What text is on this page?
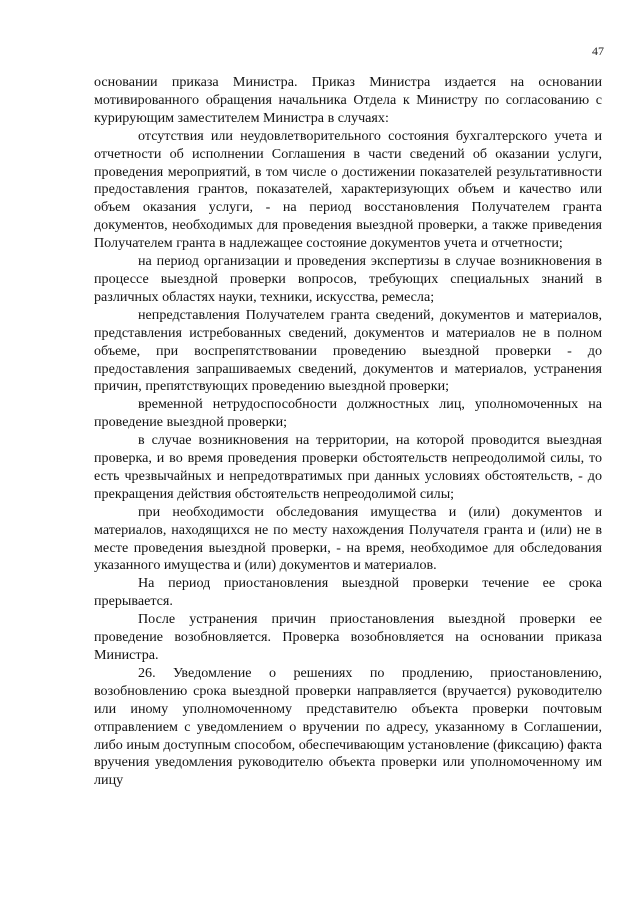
47

основании приказа Министра. Приказ Министра издается на основании мотивированного обращения начальника Отдела к Министру по согласованию с курирующим заместителем Министра в случаях:

отсутствия или неудовлетворительного состояния бухгалтерского учета и отчетности об исполнении Соглашения в части сведений об оказании услуги, проведения мероприятий, в том числе о достижении показателей результативности предоставления грантов, показателей, характеризующих объем и качество или объем оказания услуги, - на период восстановления Получателем гранта документов, необходимых для проведения выездной проверки, а также приведения Получателем гранта в надлежащее состояние документов учета и отчетности;

на период организации и проведения экспертизы в случае возникновения в процессе выездной проверки вопросов, требующих специальных знаний в различных областях науки, техники, искусства, ремесла;

непредставления Получателем гранта сведений, документов и материалов, представления истребованных сведений, документов и материалов не в полном объеме, при воспрепятствовании проведению выездной проверки - до предоставления запрашиваемых сведений, документов и материалов, устранения причин, препятствующих проведению выездной проверки;

временной нетрудоспособности должностных лиц, уполномоченных на проведение выездной проверки;

в случае возникновения на территории, на которой проводится выездная проверка, и во время проведения проверки обстоятельств непреодолимой силы, то есть чрезвычайных и непредотвратимых при данных условиях обстоятельств, - до прекращения действия обстоятельств непреодолимой силы;

при необходимости обследования имущества и (или) документов и материалов, находящихся не по месту нахождения Получателя гранта и (или) не в месте проведения выездной проверки, - на время, необходимое для обследования указанного имущества и (или) документов и материалов.

На период приостановления выездной проверки течение ее срока прерывается.

После устранения причин приостановления выездной проверки ее проведение возобновляется. Проверка возобновляется на основании приказа Министра.

26. Уведомление о решениях по продлению, приостановлению, возобновлению срока выездной проверки направляется (вручается) руководителю или иному уполномоченному представителю объекта проверки почтовым отправлением с уведомлением о вручении по адресу, указанному в Соглашении, либо иным доступным способом, обеспечивающим установление (фиксацию) факта вручения уведомления руководителю объекта проверки или уполномоченному им лицу
